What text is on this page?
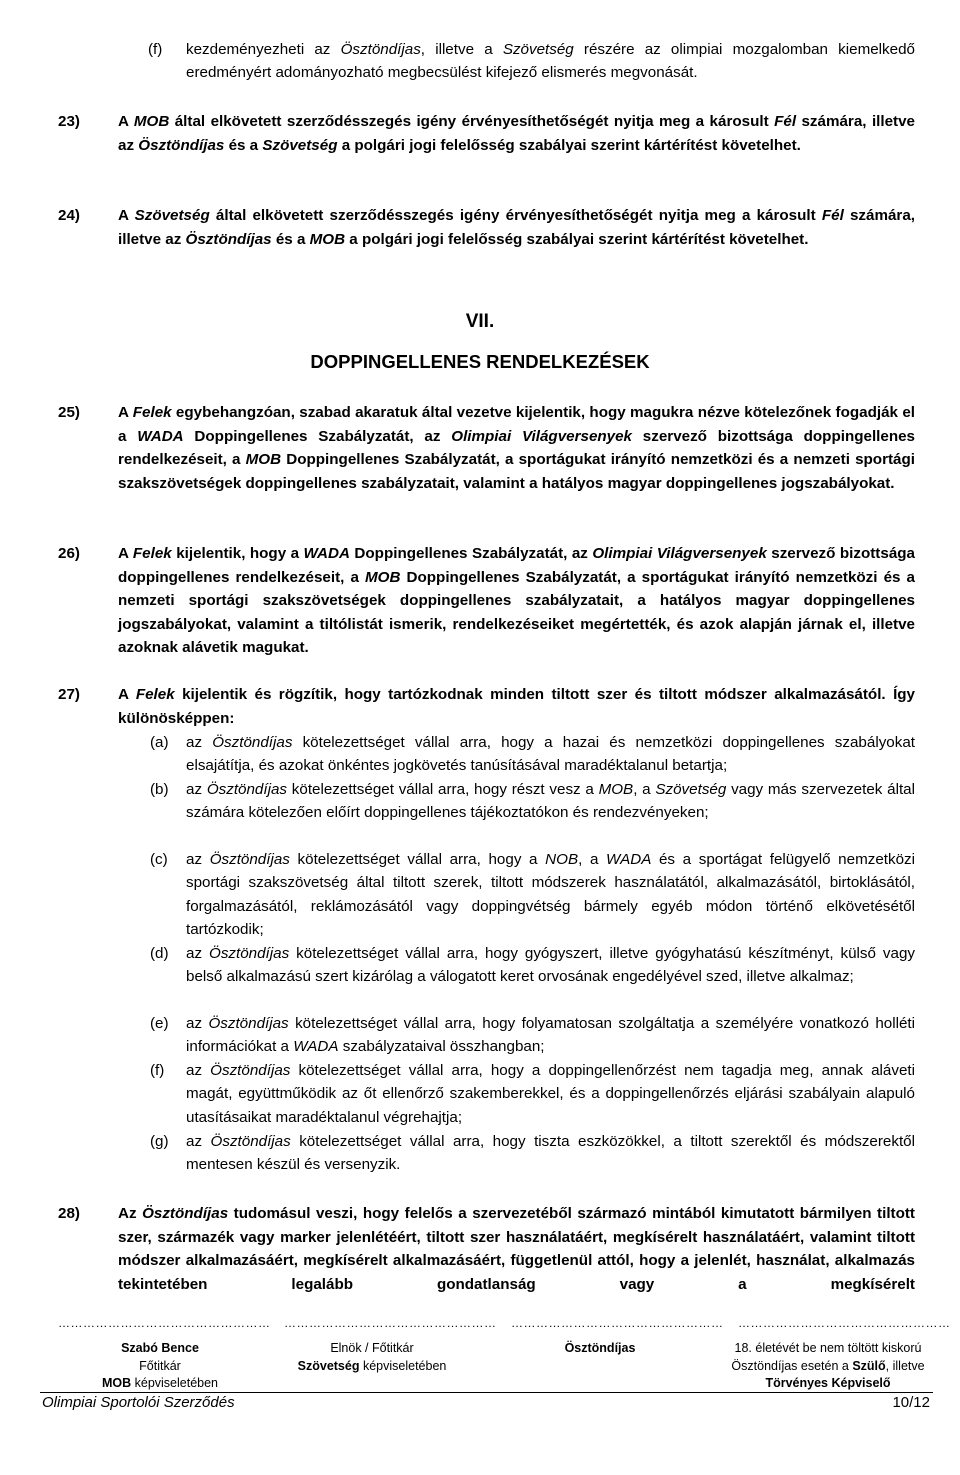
(f) kezdeményezheti az Ösztöndíjas, illetve a Szövetség részére az olimpiai mozgalomban kiemelkedő eredményért adományozható megbecsülést kifejező elismerés megvonását.

23)	A MOB által elkövetett szerződésszegés igény érvényesíthetőségét nyitja meg a károsult Fél számára, illetve az Ösztöndíjas és a Szövetség a polgári jogi felelősség szabályai szerint kártérítést követelhet.

24)	A Szövetség által elkövetett szerződésszegés igény érvényesíthetőségét nyitja meg a károsult Fél számára, illetve az Ösztöndíjas és a MOB a polgári jogi felelősség szabályai szerint kártérítést követelhet.

VII.
DOPPINGELLENES RENDELKEZÉSEK
25)	A Felek egybehangzóan, szabad akaratuk által vezetve kijelentik, hogy magukra nézve kötelezőnek fogadják el a WADA Doppingellenes Szabályzatát, az Olimpiai Világversenyek szervező bizottsága doppingellenes rendelkezéseit, a MOB Doppingellenes Szabályzatát, a sportágukat irányító nemzetközi és a nemzeti sportági szakszövetségek doppingellenes szabályzatait, valamint a hatályos magyar doppingellenes jogszabályokat.

26)	A Felek kijelentik, hogy a WADA Doppingellenes Szabályzatát, az Olimpiai Világversenyek szervező bizottsága doppingellenes rendelkezéseit, a MOB Doppingellenes Szabályzatát, a sportágukat irányító nemzetközi és a nemzeti sportági szakszövetségek doppingellenes szabályzatait, a hatályos magyar doppingellenes jogszabályokat, valamint a tiltólistát ismerik, rendelkezéseiket megértették, és azok alapján járnak el, illetve azoknak alávetik magukat.

27)	A Felek kijelentik és rögzítik, hogy tartózkodnak minden tiltott szer és tiltott módszer alkalmazásától. Így különösképpen:

(a) az Ösztöndíjas kötelezettséget vállal arra, hogy a hazai és nemzetközi doppingellenes szabályokat elsajátítja, és azokat önkéntes jogkövetés tanúsításával maradéktalanul betartja;

(b) az Ösztöndíjas kötelezettséget vállal arra, hogy részt vesz a MOB, a Szövetség vagy más szervezetek által számára kötelezően előírt doppingellenes tájékoztatókon és rendezvényeken;

(c) az Ösztöndíjas kötelezettséget vállal arra, hogy a NOB, a WADA és a sportágat felügyelő nemzetközi sportági szakszövetség által tiltott szerek, tiltott módszerek használatától, alkalmazásától, birtoklásától, forgalmazásától, reklámozásától vagy doppingvétség bármely egyéb módon történő elkövetésétől tartózkodik;

(d) az Ösztöndíjas kötelezettséget vállal arra, hogy gyógyszert, illetve gyógyhatású készítményt, külső vagy belső alkalmazású szert kizárólag a válogatott keret orvosának engedélyével szed, illetve alkalmaz;

(e) az Ösztöndíjas kötelezettséget vállal arra, hogy folyamatosan szolgáltatja a személyére vonatkozó holléti információkat a WADA szabályzataival összhangban;

(f) az Ösztöndíjas kötelezettséget vállal arra, hogy a doppingellenőrzést nem tagadja meg, annak aláveti magát, együttműködik az őt ellenőrző szakemberekkel, és a doppingellenőrzés eljárási szabályain alapuló utasításaikat maradéktalanul végrehajtja;

(g) az Ösztöndíjas kötelezettséget vállal arra, hogy tiszta eszközökkel, a tiltott szerektől és módszerektől mentesen készül és versenyzik.

28)	Az Ösztöndíjas tudomásul veszi, hogy felelős a szervezetéből származó mintából kimutatott bármilyen tiltott szer, származék vagy marker jelenlétéért, tiltott szer használatáért, megkísérelt használatáért, valamint tiltott módszer alkalmazásáért, megkísérelt alkalmazásáért, függetlenül attól, hogy a jelenlét, használat, alkalmazás tekintetében legalább gondatlanság vagy a megkísérelt

…………………………………………… …………………………………………… …………………………………………… ……………………………………………
Szabó Bence
Főtitkár
MOB képviseletében
Elnök / Főtitkár
Szövetség képviseletében
Ösztöndíjas	18. életévét be nem töltött kiskorú
Ösztöndíjas esetén a Szülő, illetve
Törvényes Képviselő
Olimpiai Sportolói Szerződés	10/12
